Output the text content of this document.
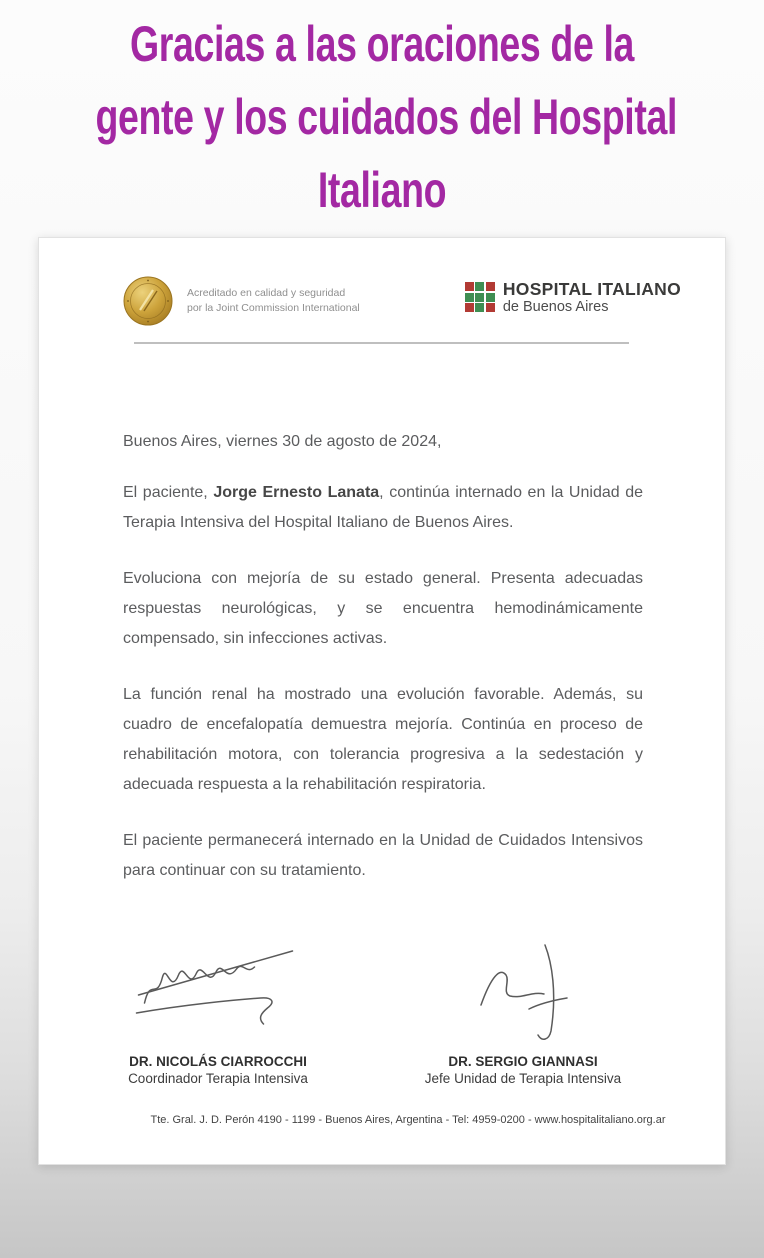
Gracias a las oraciones de la
gente y los cuidados del Hospital
Italiano
Acreditado en calidad y seguridad
por la Joint Commission International
HOSPITAL ITALIANO
de Buenos Aires
Buenos Aires, viernes 30 de agosto de 2024,

El paciente, Jorge Ernesto Lanata, continúa internado en la Unidad de Terapia Intensiva del Hospital Italiano de Buenos Aires.

Evoluciona con mejoría de su estado general. Presenta adecuadas respuestas neurológicas, y se encuentra hemodinámicamente compensado, sin infecciones activas.

La función renal ha mostrado una evolución favorable. Además, su cuadro de encefalopatía demuestra mejoría. Continúa en proceso de rehabilitación motora, con tolerancia progresiva a la sedestación y adecuada respuesta a la rehabilitación respiratoria.

El paciente permanecerá internado en la Unidad de Cuidados Intensivos para continuar con su tratamiento.

DR. NICOLÁS CIARROCCHI
Coordinador Terapia Intensiva
DR. SERGIO GIANNASI
Jefe Unidad de Terapia Intensiva
Tte. Gral. J. D. Perón 4190 - 1199 - Buenos Aires, Argentina - Tel: 4959-0200 - www.hospitalitaliano.org.ar
